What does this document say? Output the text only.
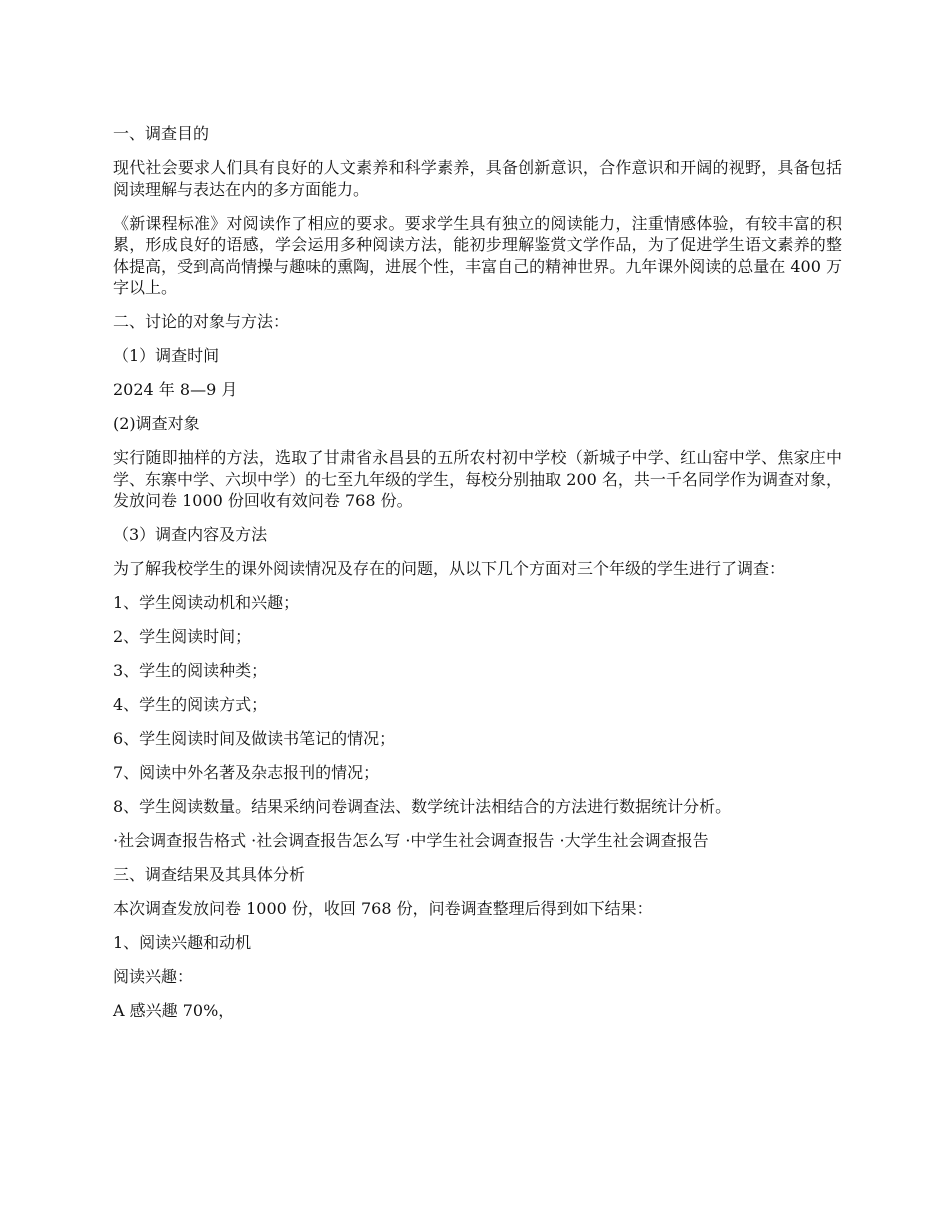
一、调查目的

现代社会要求人们具有良好的人文素养和科学素养，具备创新意识，合作意识和开阔的视野，具备包括阅读理解与表达在内的多方面能力。

《新课程标准》对阅读作了相应的要求。要求学生具有独立的阅读能力，注重情感体验，有较丰富的积累，形成良好的语感，学会运用多种阅读方法，能初步理解鉴赏文学作品，为了促进学生语文素养的整体提高，受到高尚情操与趣味的熏陶，进展个性，丰富自己的精神世界。九年课外阅读的总量在 400 万字以上。

二、讨论的对象与方法：

（1）调查时间

2024 年 8—9 月

(2)调查对象

实行随即抽样的方法，选取了甘肃省永昌县的五所农村初中学校（新城子中学、红山窑中学、焦家庄中学、东寨中学、六坝中学）的七至九年级的学生，每校分别抽取 200 名，共一千名同学作为调查对象，发放问卷 1000 份回收有效问卷 768 份。

（3）调查内容及方法

为了解我校学生的课外阅读情况及存在的问题，从以下几个方面对三个年级的学生进行了调查：

1、学生阅读动机和兴趣；

2、学生阅读时间；

3、学生的阅读种类；

4、学生的阅读方式；

6、学生阅读时间及做读书笔记的情况；

7、阅读中外名著及杂志报刊的情况；

8、学生阅读数量。结果采纳问卷调查法、数学统计法相结合的方法进行数据统计分析。

·社会调查报告格式 ·社会调查报告怎么写 ·中学生社会调查报告 ·大学生社会调查报告

三、调查结果及其具体分析

本次调查发放问卷 1000 份，收回 768 份，问卷调查整理后得到如下结果：

1、阅读兴趣和动机

阅读兴趣：

A 感兴趣 70%，
